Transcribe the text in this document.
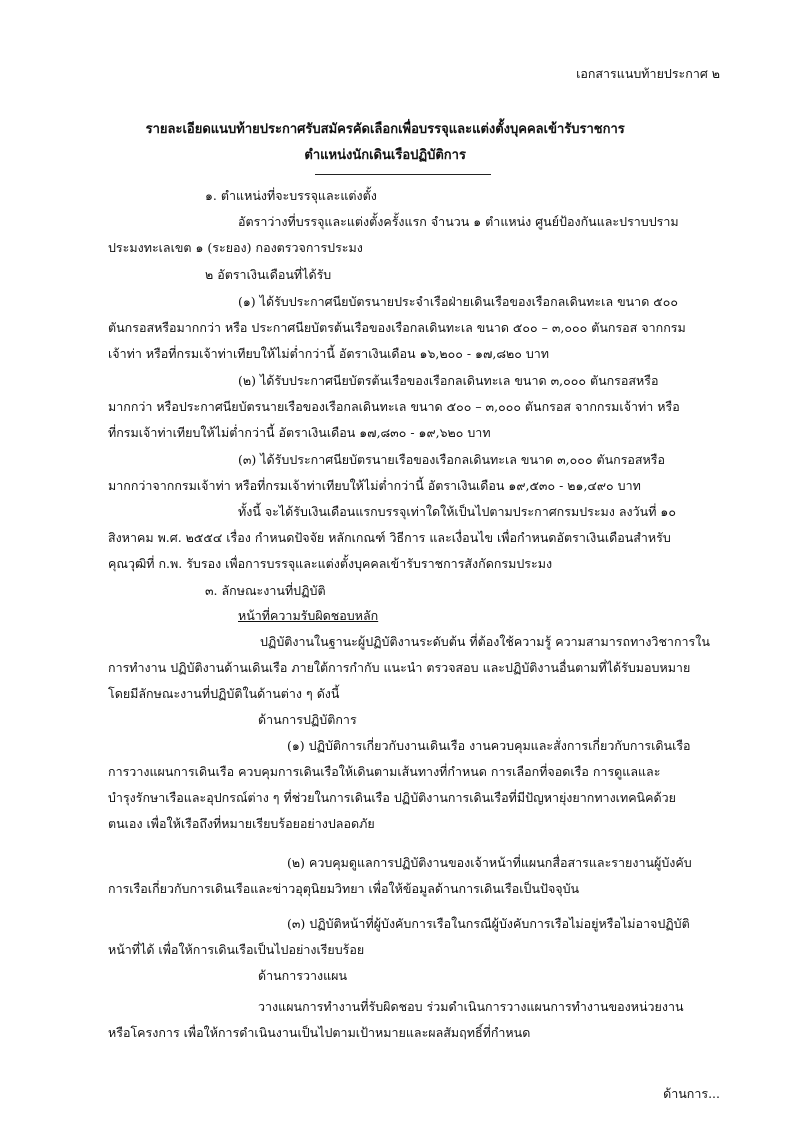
เอกสารแนบท้ายประกาศ ๒

รายละเอียดแนบท้ายประกาศรับสมัครคัดเลือกเพื่อบรรจุและแต่งตั้งบุคคลเข้ารับราชการ

ตำแหน่งนักเดินเรือปฏิบัติการ

๑. ตำแหน่งที่จะบรรจุและแต่งตั้ง

อัตราว่างที่บรรจุและแต่งตั้งครั้งแรก จำนวน ๑ ตำแหน่ง ศูนย์ป้องกันและปราบปราม

ประมงทะเลเขต ๑ (ระยอง) กองตรวจการประมง

๒ อัตราเงินเดือนที่ได้รับ

(๑) ได้รับประกาศนียบัตรนายประจำเรือฝ่ายเดินเรือของเรือกลเดินทะเล ขนาด ๕๐๐

ตันกรอสหรือมากกว่า หรือ ประกาศนียบัตรต้นเรือของเรือกลเดินทะเล ขนาด ๕๐๐ – ๓,๐๐๐ ตันกรอส จากกรม

เจ้าท่า หรือที่กรมเจ้าท่าเทียบให้ไม่ต่ำกว่านี้ อัตราเงินเดือน ๑๖,๒๐๐ - ๑๗,๘๒๐ บาท

(๒) ได้รับประกาศนียบัตรต้นเรือของเรือกลเดินทะเล ขนาด ๓,๐๐๐ ตันกรอสหรือ

มากกว่า หรือประกาศนียบัตรนายเรือของเรือกลเดินทะเล ขนาด ๕๐๐ – ๓,๐๐๐ ตันกรอส จากกรมเจ้าท่า หรือ

ที่กรมเจ้าท่าเทียบให้ไม่ต่ำกว่านี้ อัตราเงินเดือน ๑๗,๘๓๐ - ๑๙,๖๒๐ บาท

(๓) ได้รับประกาศนียบัตรนายเรือของเรือกลเดินทะเล ขนาด ๓,๐๐๐ ตันกรอสหรือ

มากกว่าจากกรมเจ้าท่า หรือที่กรมเจ้าท่าเทียบให้ไม่ต่ำกว่านี้ อัตราเงินเดือน ๑๙,๕๓๐ - ๒๑,๔๙๐ บาท

ทั้งนี้ จะได้รับเงินเดือนแรกบรรจุเท่าใดให้เป็นไปตามประกาศกรมประมง ลงวันที่ ๑๐

สิงหาคม พ.ศ. ๒๕๕๔ เรื่อง กำหนดปัจจัย หลักเกณฑ์ วิธีการ และเงื่อนไข เพื่อกำหนดอัตราเงินเดือนสำหรับ

คุณวุฒิที่ ก.พ. รับรอง เพื่อการบรรจุและแต่งตั้งบุคคลเข้ารับราชการสังกัดกรมประมง

๓. ลักษณะงานที่ปฏิบัติ

หน้าที่ความรับผิดชอบหลัก

ปฏิบัติงานในฐานะผู้ปฏิบัติงานระดับต้น ที่ต้องใช้ความรู้ ความสามารถทางวิชาการใน

การทำงาน ปฏิบัติงานด้านเดินเรือ ภายใต้การกำกับ แนะนำ ตรวจสอบ และปฏิบัติงานอื่นตามที่ได้รับมอบหมาย

โดยมีลักษณะงานที่ปฏิบัติในด้านต่าง ๆ ดังนี้

ด้านการปฏิบัติการ

(๑) ปฏิบัติการเกี่ยวกับงานเดินเรือ งานควบคุมและสั่งการเกี่ยวกับการเดินเรือ

การวางแผนการเดินเรือ ควบคุมการเดินเรือให้เดินตามเส้นทางที่กำหนด การเลือกที่จอดเรือ การดูแลและ

บำรุงรักษาเรือและอุปกรณ์ต่าง ๆ ที่ช่วยในการเดินเรือ ปฏิบัติงานการเดินเรือที่มีปัญหายุ่งยากทางเทคนิคด้วย

ตนเอง เพื่อให้เรือถึงที่หมายเรียบร้อยอย่างปลอดภัย

(๒) ควบคุมดูแลการปฏิบัติงานของเจ้าหน้าที่แผนกสื่อสารและรายงานผู้บังคับ

การเรือเกี่ยวกับการเดินเรือและข่าวอุตุนิยมวิทยา เพื่อให้ข้อมูลด้านการเดินเรือเป็นปัจจุบัน

(๓) ปฏิบัติหน้าที่ผู้บังคับการเรือในกรณีผู้บังคับการเรือไม่อยู่หรือไม่อาจปฏิบัติ

หน้าที่ได้ เพื่อให้การเดินเรือเป็นไปอย่างเรียบร้อย

ด้านการวางแผน

วางแผนการทำงานที่รับผิดชอบ ร่วมดำเนินการวางแผนการทำงานของหน่วยงาน

หรือโครงการ เพื่อให้การดำเนินงานเป็นไปตามเป้าหมายและผลสัมฤทธิ์ที่กำหนด

ด้านการ...
